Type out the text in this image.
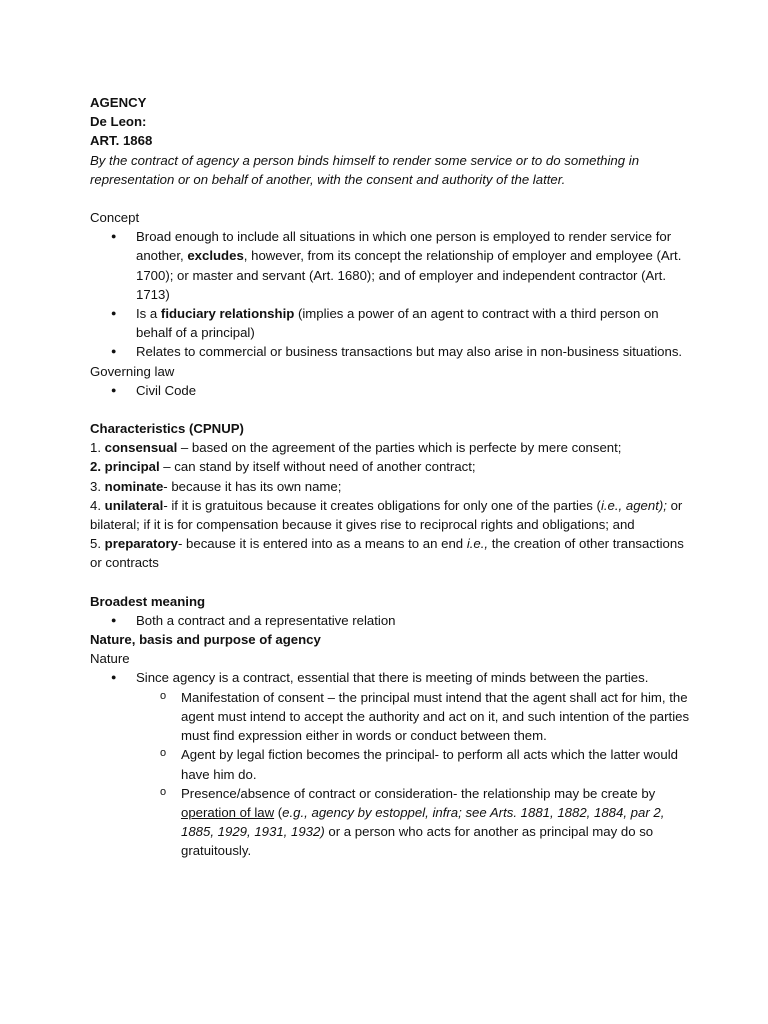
AGENCY

De Leon:

ART. 1868

By the contract of agency a person binds himself to render some service or to do something in representation or on behalf of another, with the consent and authority of the latter.

Concept

● Broad enough to include all situations in which one person is employed to render service for another, excludes, however, from its concept the relationship of employer and employee (Art. 1700); or master and servant (Art. 1680); and of employer and independent contractor (Art. 1713)

● Is a fiduciary relationship (implies a power of an agent to contract with a third person on behalf of a principal)

● Relates to commercial or business transactions but may also arise in non-business situations.

Governing law

● Civil Code

Characteristics (CPNUP)

1. consensual – based on the agreement of the parties which is perfecte by mere consent;

2. principal – can stand by itself without need of another contract;

3. nominate- because it has its own name;

4. unilateral- if it is gratuitous because it creates obligations for only one of the parties (i.e., agent); or bilateral; if it is for compensation because it gives rise to reciprocal rights and obligations; and

5. preparatory- because it is entered into as a means to an end i.e., the creation of other transactions or contracts

Broadest meaning

● Both a contract and a representative relation

Nature, basis and purpose of agency

Nature

● Since agency is a contract, essential that there is meeting of minds between the parties.

o Manifestation of consent – the principal must intend that the agent shall act for him, the agent must intend to accept the authority and act on it, and such intention of the parties must find expression either in words or conduct between them.

o Agent by legal fiction becomes the principal- to perform all acts which the latter would have him do.

o Presence/absence of contract or consideration- the relationship may be create by operation of law (e.g., agency by estoppel, infra; see Arts. 1881, 1882, 1884, par 2, 1885, 1929, 1931, 1932) or a person who acts for another as principal may do so gratuitously.
